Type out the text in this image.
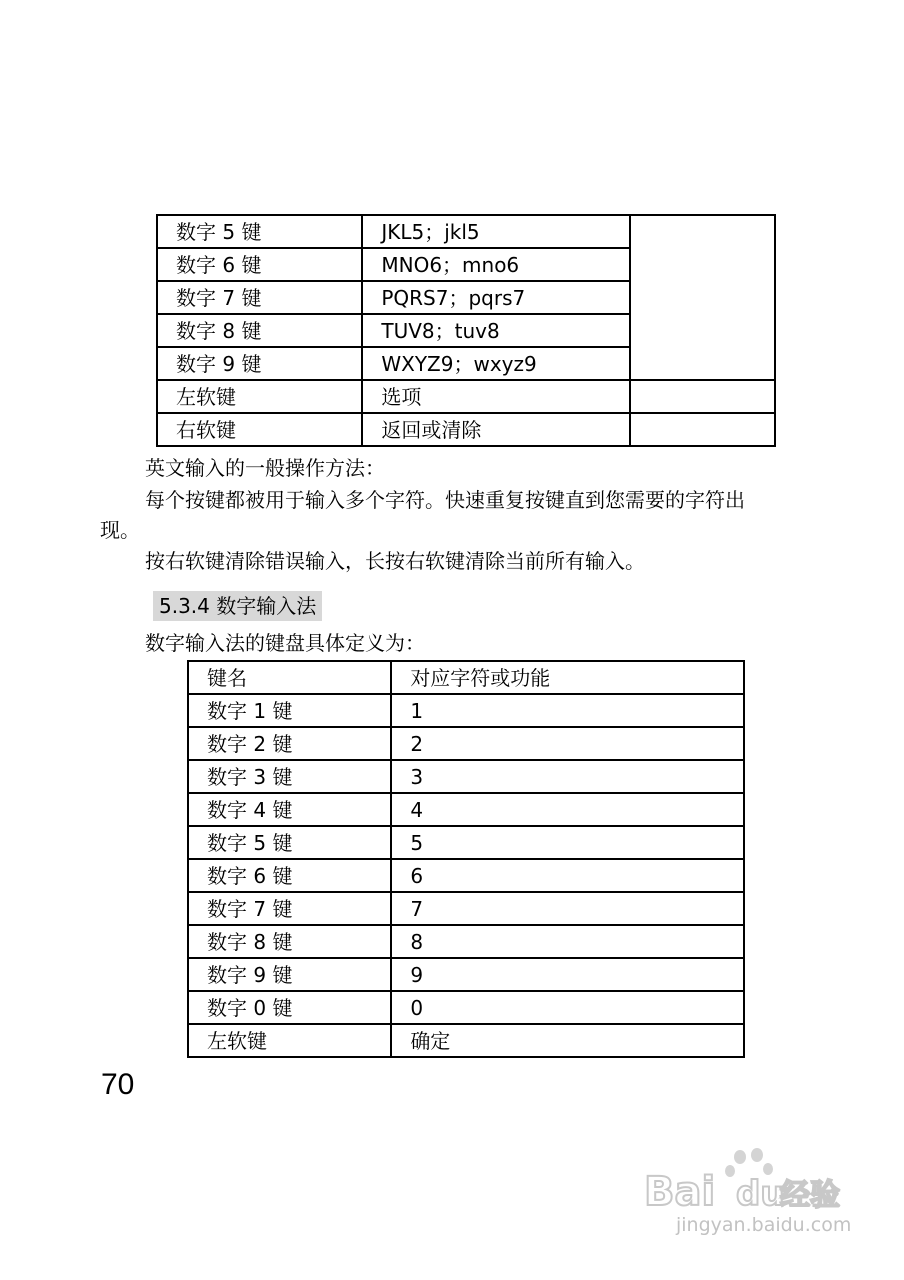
数字 5 键	JKL5；jkl5	
数字 6 键	MNO6；mno6	
数字 7 键	PQRS7；pqrs7	
数字 8 键	TUV8；tuv8	
数字 9 键	WXYZ9；wxyz9	
左软键	选项	
右软键	返回或清除	
英文输入的一般操作方法：
每个按键都被用于输入多个字符。快速重复按键直到您需要的字符出
现。
按右软键清除错误输入，长按右软键清除当前所有输入。
5.3.4 数字输入法
数字输入法的键盘具体定义为：
键名	对应字符或功能
数字 1 键	1
数字 2 键	2
数字 3 键	3
数字 4 键	4
数字 5 键	5
数字 6 键	6
数字 7 键	7
数字 8 键	8
数字 9 键	9
数字 0 键	0
左软键	确定
70
Bai du
经验
jingyan.baidu.com
